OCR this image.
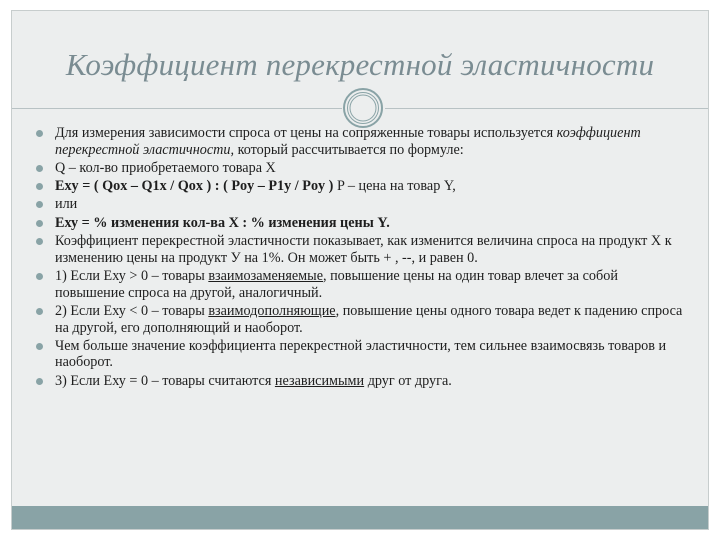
Коэффициент перекрестной эластичности
Для измерения зависимости спроса от цены на сопряженные товары используется коэффициент перекрестной эластичности, который рассчитывается по формуле:
Q – кол-во приобретаемого товара Х
Exy = ( Qox – Q1x / Qox ) : ( Poy – P1y / Poy ) P – цена на товар Y,
или
Еху = % изменения кол-ва Х : % изменения цены Y.
Коэффициент перекрестной эластичности показывает, как изменится величина спроса на продукт X к изменению цены на продукт У на 1%. Он может быть + , --, и равен 0.
1) Если Еху > 0 – товары взаимозаменяемые, повышение цены на один товар влечет за собой повышение спроса на другой, аналогичный.
2) Если Еху < 0 – товары взаимодополняющие, повышение цены одного товара ведет к падению спроса на другой, его дополняющий и наоборот.
Чем больше значение коэффициента перекрестной эластичности, тем сильнее взаимосвязь товаров и наоборот.
3) Если Еху = 0 – товары считаются независимыми друг от друга.
